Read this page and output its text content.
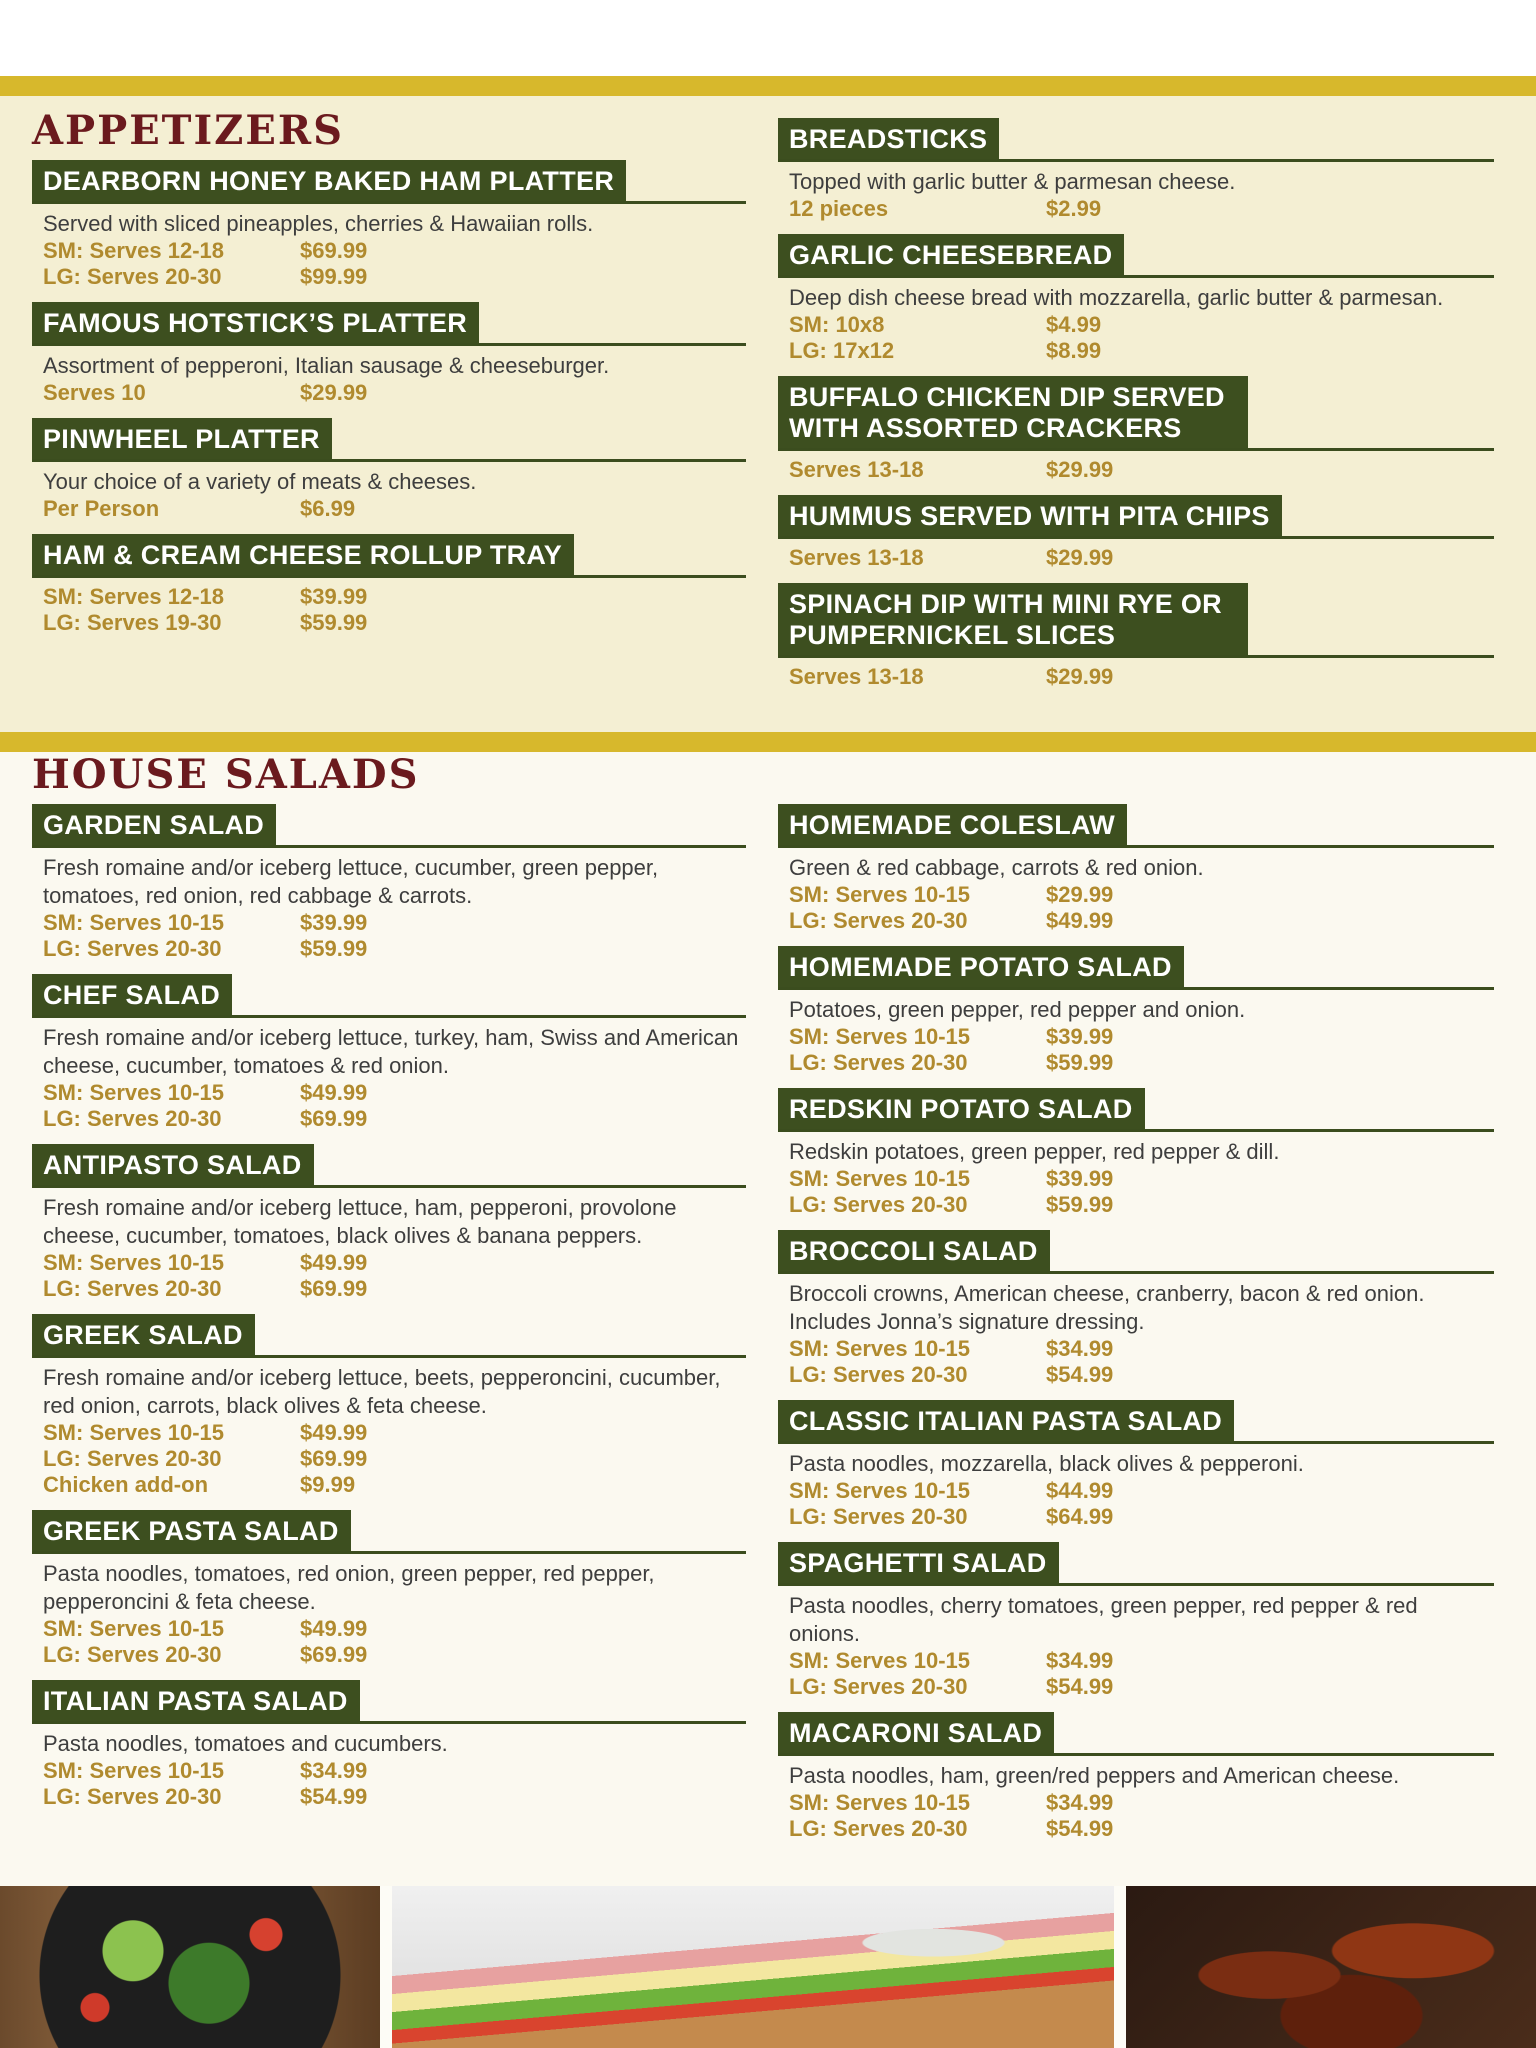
APPETIZERS
DEARBORN HONEY BAKED HAM PLATTER
Served with sliced pineapples, cherries & Hawaiian rolls.
SM: Serves 12-18	$69.99
LG: Serves 20-30	$99.99
FAMOUS HOTSTICK’S PLATTER
Assortment of pepperoni, Italian sausage & cheeseburger.
Serves 10	$29.99
PINWHEEL PLATTER
Your choice of a variety of meats & cheeses.
Per Person	$6.99
HAM & CREAM CHEESE ROLLUP TRAY
SM: Serves 12-18	$39.99
LG: Serves 19-30	$59.99
BREADSTICKS
Topped with garlic butter & parmesan cheese.
12 pieces	$2.99
GARLIC CHEESEBREAD
Deep dish cheese bread with mozzarella, garlic butter & parmesan.
SM: 10x8	$4.99
LG: 17x12	$8.99
BUFFALO CHICKEN DIP SERVED WITH ASSORTED CRACKERS
Serves 13-18	$29.99
HUMMUS SERVED WITH PITA CHIPS
Serves 13-18	$29.99
SPINACH DIP WITH MINI RYE OR PUMPERNICKEL SLICES
Serves 13-18	$29.99
HOUSE SALADS
GARDEN SALAD
Fresh romaine and/or iceberg lettuce, cucumber, green pepper, tomatoes, red onion, red cabbage & carrots.
SM: Serves 10-15	$39.99
LG: Serves 20-30	$59.99
CHEF SALAD
Fresh romaine and/or iceberg lettuce, turkey, ham, Swiss and American cheese, cucumber, tomatoes & red onion.
SM: Serves 10-15	$49.99
LG: Serves 20-30	$69.99
ANTIPASTO SALAD
Fresh romaine and/or iceberg lettuce, ham, pepperoni, provolone cheese, cucumber, tomatoes, black olives & banana peppers.
SM: Serves 10-15	$49.99
LG: Serves 20-30	$69.99
GREEK SALAD
Fresh romaine and/or iceberg lettuce, beets, pepperoncini, cucumber, red onion, carrots, black olives & feta cheese.
SM: Serves 10-15	$49.99
LG: Serves 20-30	$69.99
Chicken add-on	$9.99
GREEK PASTA SALAD
Pasta noodles, tomatoes, red onion, green pepper, red pepper, pepperoncini & feta cheese.
SM: Serves 10-15	$49.99
LG: Serves 20-30	$69.99
ITALIAN PASTA SALAD
Pasta noodles, tomatoes and cucumbers.
SM: Serves 10-15	$34.99
LG: Serves 20-30	$54.99
HOMEMADE COLESLAW
Green & red cabbage, carrots & red onion.
SM: Serves 10-15	$29.99
LG: Serves 20-30	$49.99
HOMEMADE POTATO SALAD
Potatoes, green pepper, red pepper and onion.
SM: Serves 10-15	$39.99
LG: Serves 20-30	$59.99
REDSKIN POTATO SALAD
Redskin potatoes, green pepper, red pepper & dill.
SM: Serves 10-15	$39.99
LG: Serves 20-30	$59.99
BROCCOLI SALAD
Broccoli crowns, American cheese, cranberry, bacon & red onion. Includes Jonna’s signature dressing.
SM: Serves 10-15	$34.99
LG: Serves 20-30	$54.99
CLASSIC ITALIAN PASTA SALAD
Pasta noodles, mozzarella, black olives & pepperoni.
SM: Serves 10-15	$44.99
LG: Serves 20-30	$64.99
SPAGHETTI SALAD
Pasta noodles, cherry tomatoes, green pepper, red pepper & red onions.
SM: Serves 10-15	$34.99
LG: Serves 20-30	$54.99
MACARONI SALAD
Pasta noodles, ham, green/red peppers and American cheese.
SM: Serves 10-15	$34.99
LG: Serves 20-30	$54.99
